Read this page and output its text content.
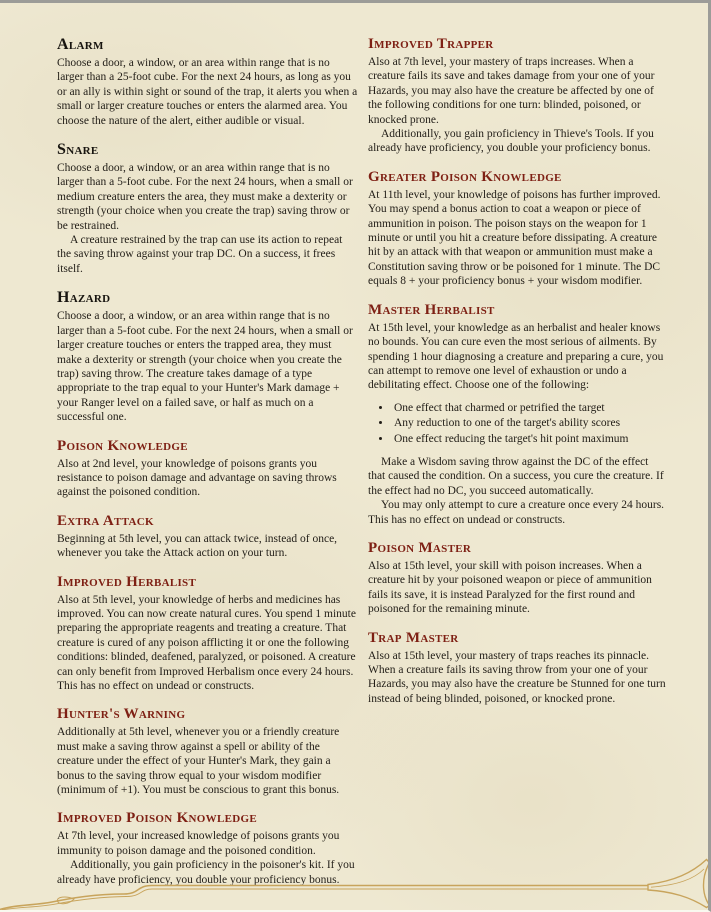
Alarm

Choose a door, a window, or an area within range that is no larger than a 25-foot cube. For the next 24 hours, as long as you or an ally is within sight or sound of the trap, it alerts you when a small or larger creature touches or enters the alarmed area. You choose the nature of the alert, either audible or visual.

Snare

Choose a door, a window, or an area within range that is no larger than a 5-foot cube. For the next 24 hours, when a small or medium creature enters the area, they must make a dexterity or strength (your choice when you create the trap) saving throw or be restrained.

A creature restrained by the trap can use its action to repeat the saving throw against your trap DC. On a success, it frees itself.

Hazard

Choose a door, a window, or an area within range that is no larger than a 5-foot cube. For the next 24 hours, when a small or larger creature touches or enters the trapped area, they must make a dexterity or strength (your choice when you create the trap) saving throw. The creature takes damage of a type appropriate to the trap equal to your Hunter's Mark damage + your Ranger level on a failed save, or half as much on a successful one.

Poison Knowledge

Also at 2nd level, your knowledge of poisons grants you resistance to poison damage and advantage on saving throws against the poisoned condition.

Extra Attack

Beginning at 5th level, you can attack twice, instead of once, whenever you take the Attack action on your turn.

Improved Herbalist

Also at 5th level, your knowledge of herbs and medicines has improved. You can now create natural cures. You spend 1 minute preparing the appropriate reagents and treating a creature. That creature is cured of any poison afflicting it or one the following conditions: blinded, deafened, paralyzed, or poisoned. A creature can only benefit from Improved Herbalism once every 24 hours. This has no effect on undead or constructs.

Hunter's Warning

Additionally at 5th level, whenever you or a friendly creature must make a saving throw against a spell or ability of the creature under the effect of your Hunter's Mark, they gain a bonus to the saving throw equal to your wisdom modifier (minimum of +1). You must be conscious to grant this bonus.

Improved Poison Knowledge

At 7th level, your increased knowledge of poisons grants you immunity to poison damage and the poisoned condition.

Additionally, you gain proficiency in the poisoner's kit. If you already have proficiency, you double your proficiency bonus.

Improved Trapper

Also at 7th level, your mastery of traps increases. When a creature fails its save and takes damage from your one of your Hazards, you may also have the creature be affected by one of the following conditions for one turn: blinded, poisoned, or knocked prone.

Additionally, you gain proficiency in Thieve's Tools. If you already have proficiency, you double your proficiency bonus.

Greater Poison Knowledge

At 11th level, your knowledge of poisons has further improved. You may spend a bonus action to coat a weapon or piece of ammunition in poison. The poison stays on the weapon for 1 minute or until you hit a creature before dissipating. A creature hit by an attack with that weapon or ammunition must make a Constitution saving throw or be poisoned for 1 minute. The DC equals 8 + your proficiency bonus + your wisdom modifier.

Master Herbalist

At 15th level, your knowledge as an herbalist and healer knows no bounds. You can cure even the most serious of ailments. By spending 1 hour diagnosing a creature and preparing a cure, you can attempt to remove one level of exhaustion or undo a debilitating effect. Choose one of the following:

• One effect that charmed or petrified the target
• Any reduction to one of the target's ability scores
• One effect reducing the target's hit point maximum

Make a Wisdom saving throw against the DC of the effect that caused the condition. On a success, you cure the creature. If the effect had no DC, you succeed automatically.

You may only attempt to cure a creature once every 24 hours. This has no effect on undead or constructs.

Poison Master

Also at 15th level, your skill with poison increases. When a creature hit by your poisoned weapon or piece of ammunition fails its save, it is instead Paralyzed for the first round and poisoned for the remaining minute.

Trap Master

Also at 15th level, your mastery of traps reaches its pinnacle. When a creature fails its saving throw from your one of your Hazards, you may also have the creature be Stunned for one turn instead of being blinded, poisoned, or knocked prone.
